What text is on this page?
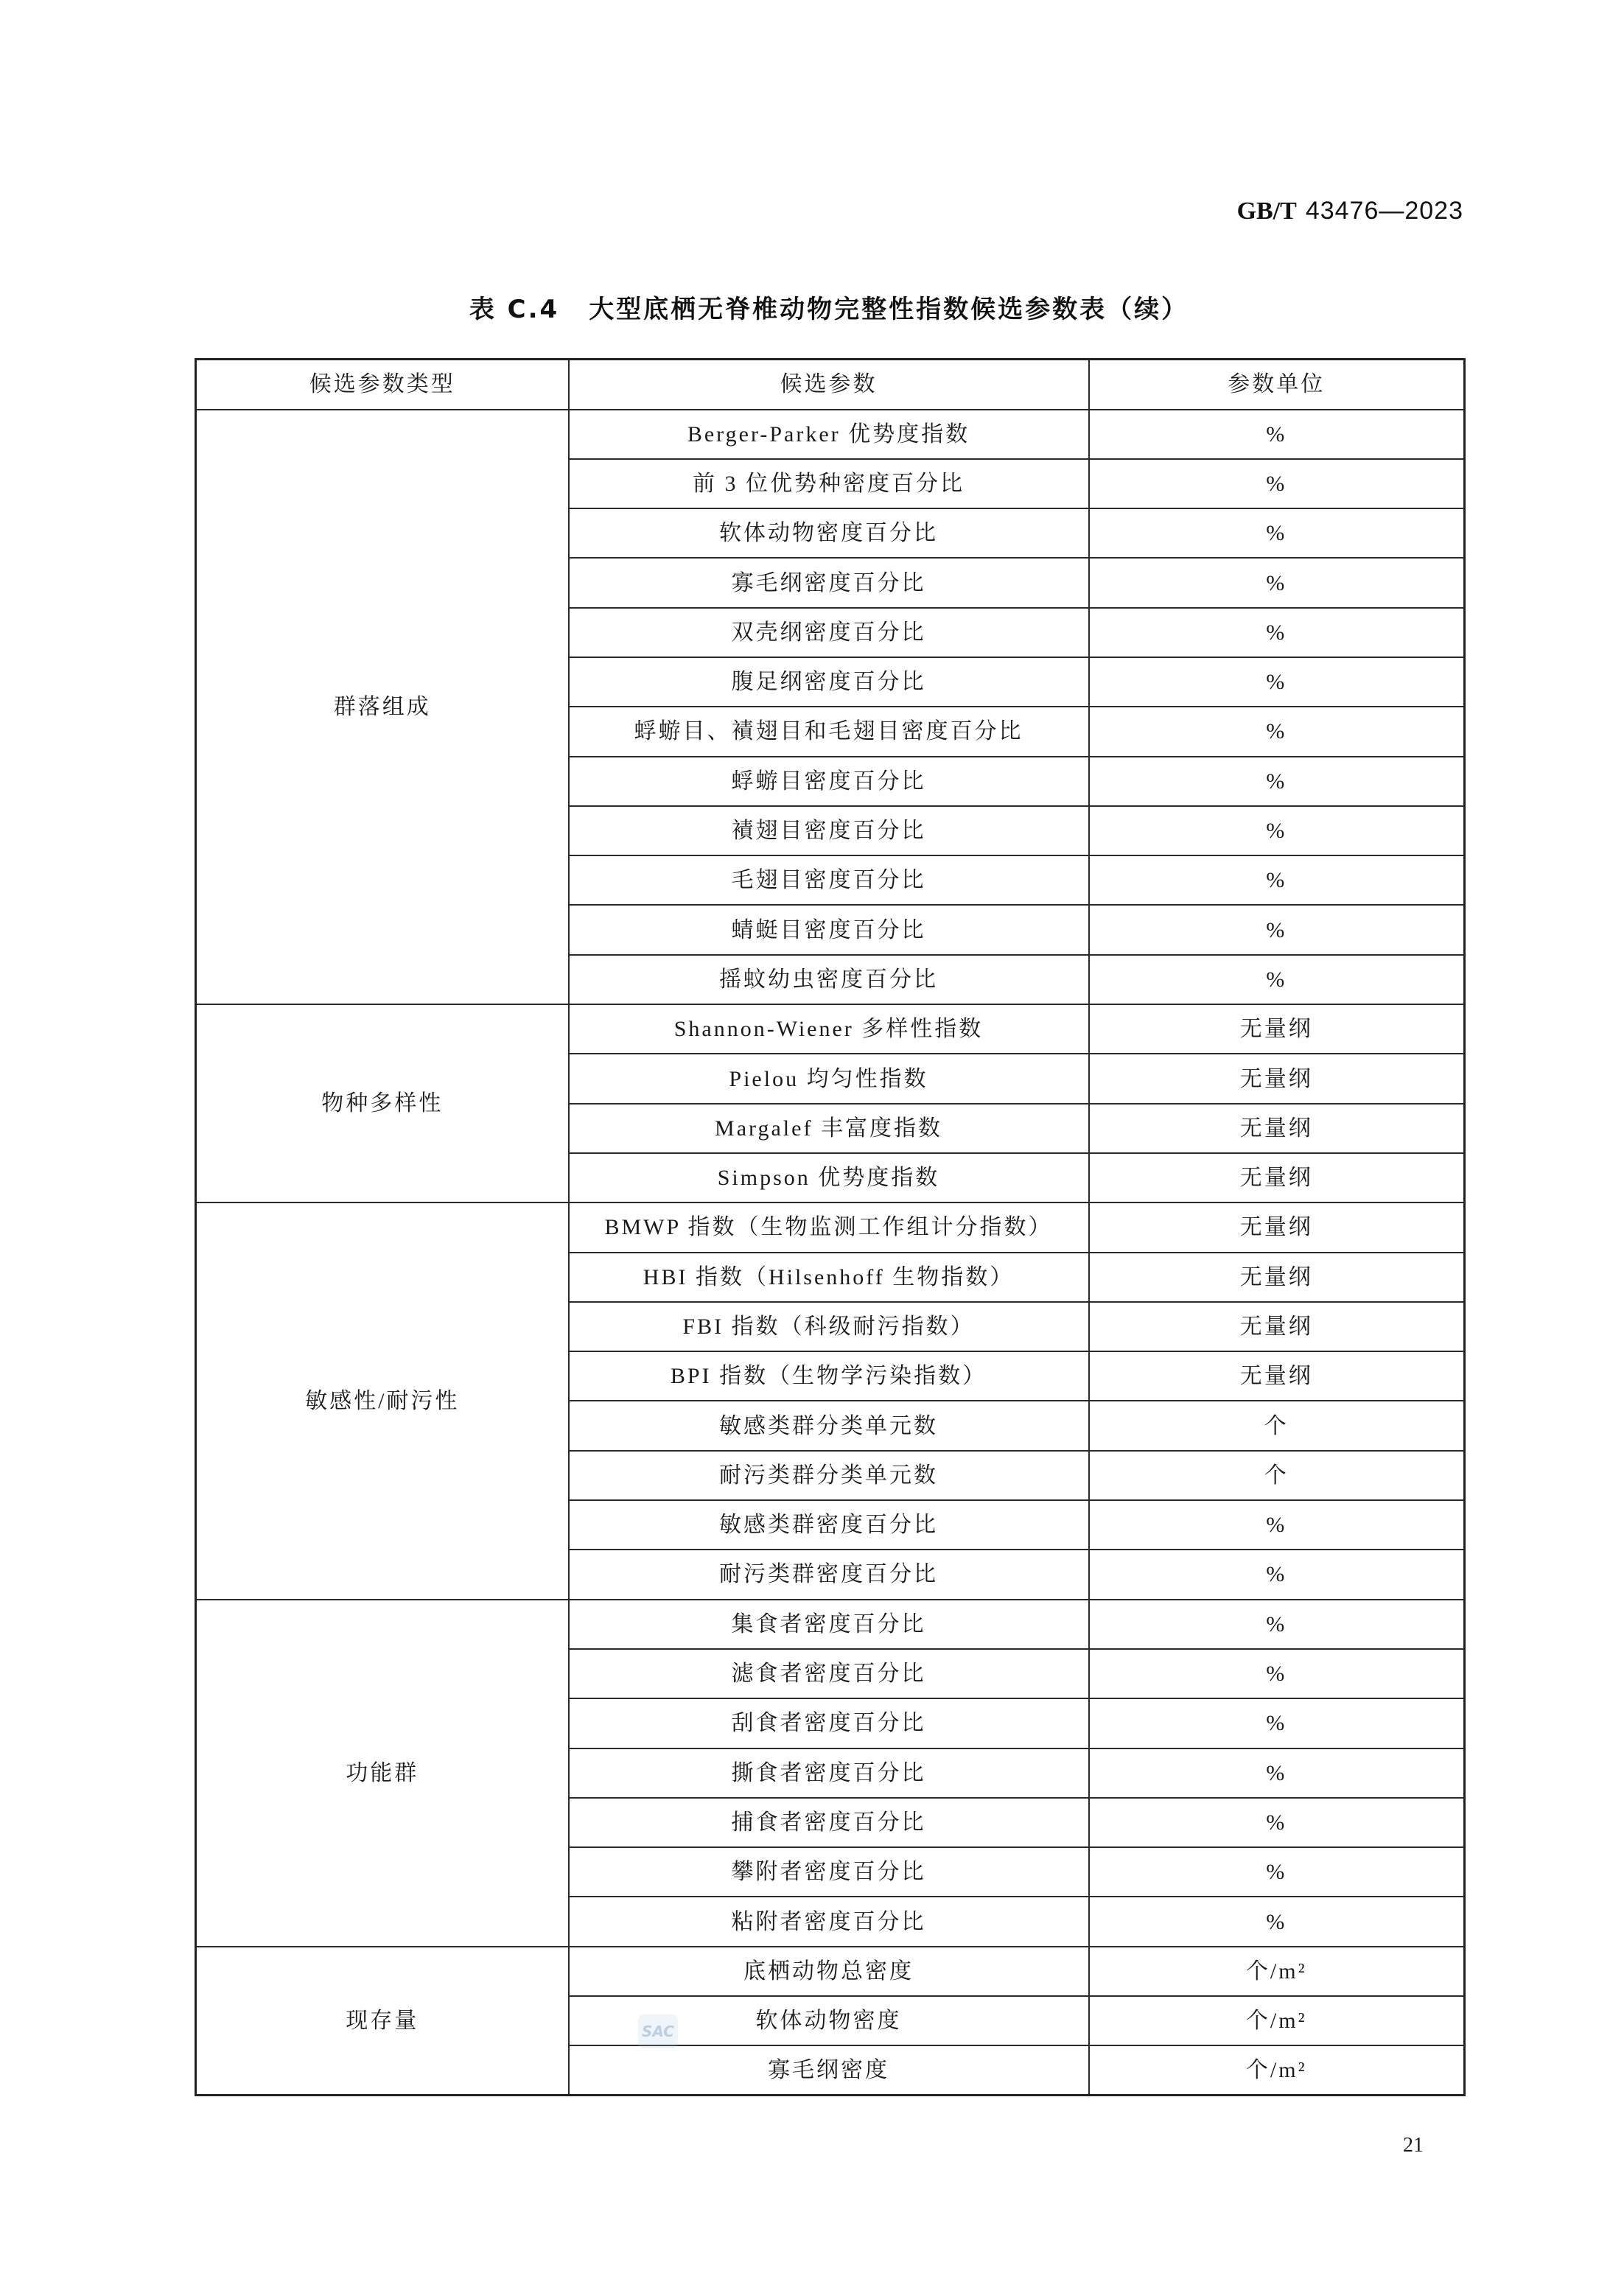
GB/T 43476—2023
表 C.4 大型底栖无脊椎动物完整性指数候选参数表（续）
候选参数类型	候选参数	参数单位
群落组成	Berger-Parker 优势度指数	%
	前 3 位优势种密度百分比	%
	软体动物密度百分比	%
	寡毛纲密度百分比	%
	双壳纲密度百分比	%
	腹足纲密度百分比	%
	蜉蝣目、襀翅目和毛翅目密度百分比	%
	蜉蝣目密度百分比	%
	襀翅目密度百分比	%
	毛翅目密度百分比	%
	蜻蜓目密度百分比	%
	摇蚊幼虫密度百分比	%
物种多样性	Shannon-Wiener 多样性指数	无量纲
	Pielou 均匀性指数	无量纲
	Margalef 丰富度指数	无量纲
	Simpson 优势度指数	无量纲
敏感性/耐污性	BMWP 指数（生物监测工作组计分指数）	无量纲
	HBI 指数（Hilsenhoff 生物指数）	无量纲
	FBI 指数（科级耐污指数）	无量纲
	BPI 指数（生物学污染指数）	无量纲
	敏感类群分类单元数	个
	耐污类群分类单元数	个
	敏感类群密度百分比	%
	耐污类群密度百分比	%
功能群	集食者密度百分比	%
	滤食者密度百分比	%
	刮食者密度百分比	%
	撕食者密度百分比	%
	捕食者密度百分比	%
	攀附者密度百分比	%
	粘附者密度百分比	%
现存量	底栖动物总密度	个/m²
	软体动物密度	个/m²
	寡毛纲密度	个/m²
SAC
21
